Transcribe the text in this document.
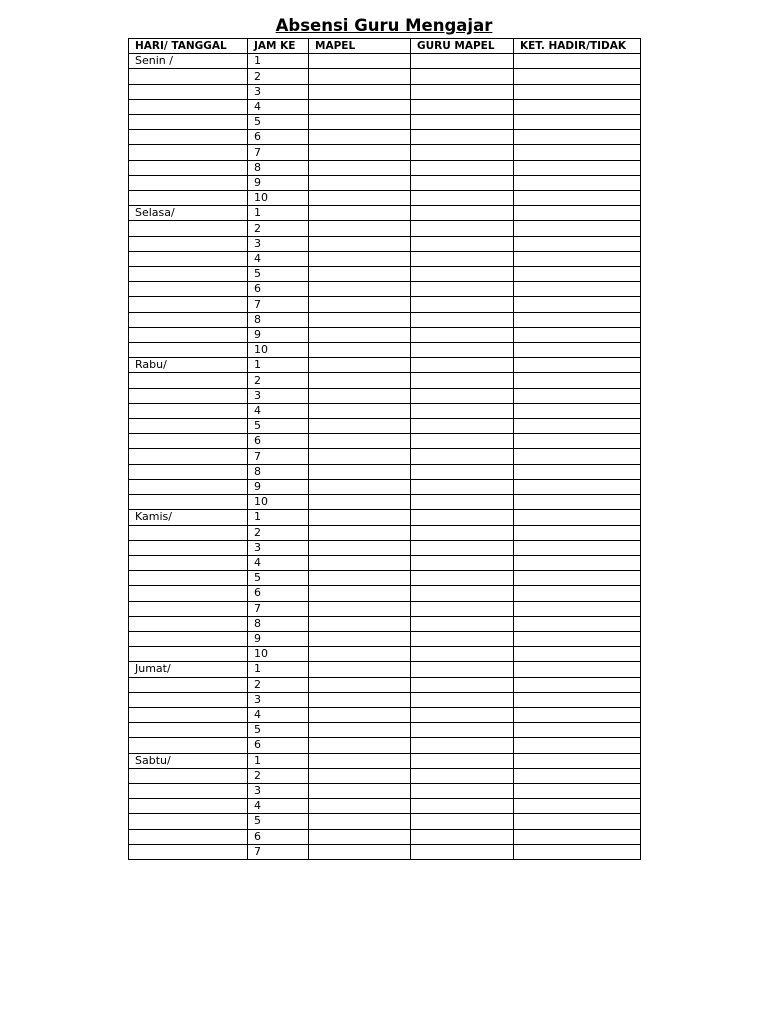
Absensi Guru Mengajar
HARI/ TANGGAL	JAM KE	MAPEL	GURU MAPEL	KET. HADIR/TIDAK
Senin /	1			
	2			
	3			
	4			
	5			
	6			
	7			
	8			
	9			
	10			
Selasa/	1			
	2			
	3			
	4			
	5			
	6			
	7			
	8			
	9			
	10			
Rabu/	1			
	2			
	3			
	4			
	5			
	6			
	7			
	8			
	9			
	10			
Kamis/	1			
	2			
	3			
	4			
	5			
	6			
	7			
	8			
	9			
	10			
Jumat/	1			
	2			
	3			
	4			
	5			
	6			
Sabtu/	1			
	2			
	3			
	4			
	5			
	6			
	7			
